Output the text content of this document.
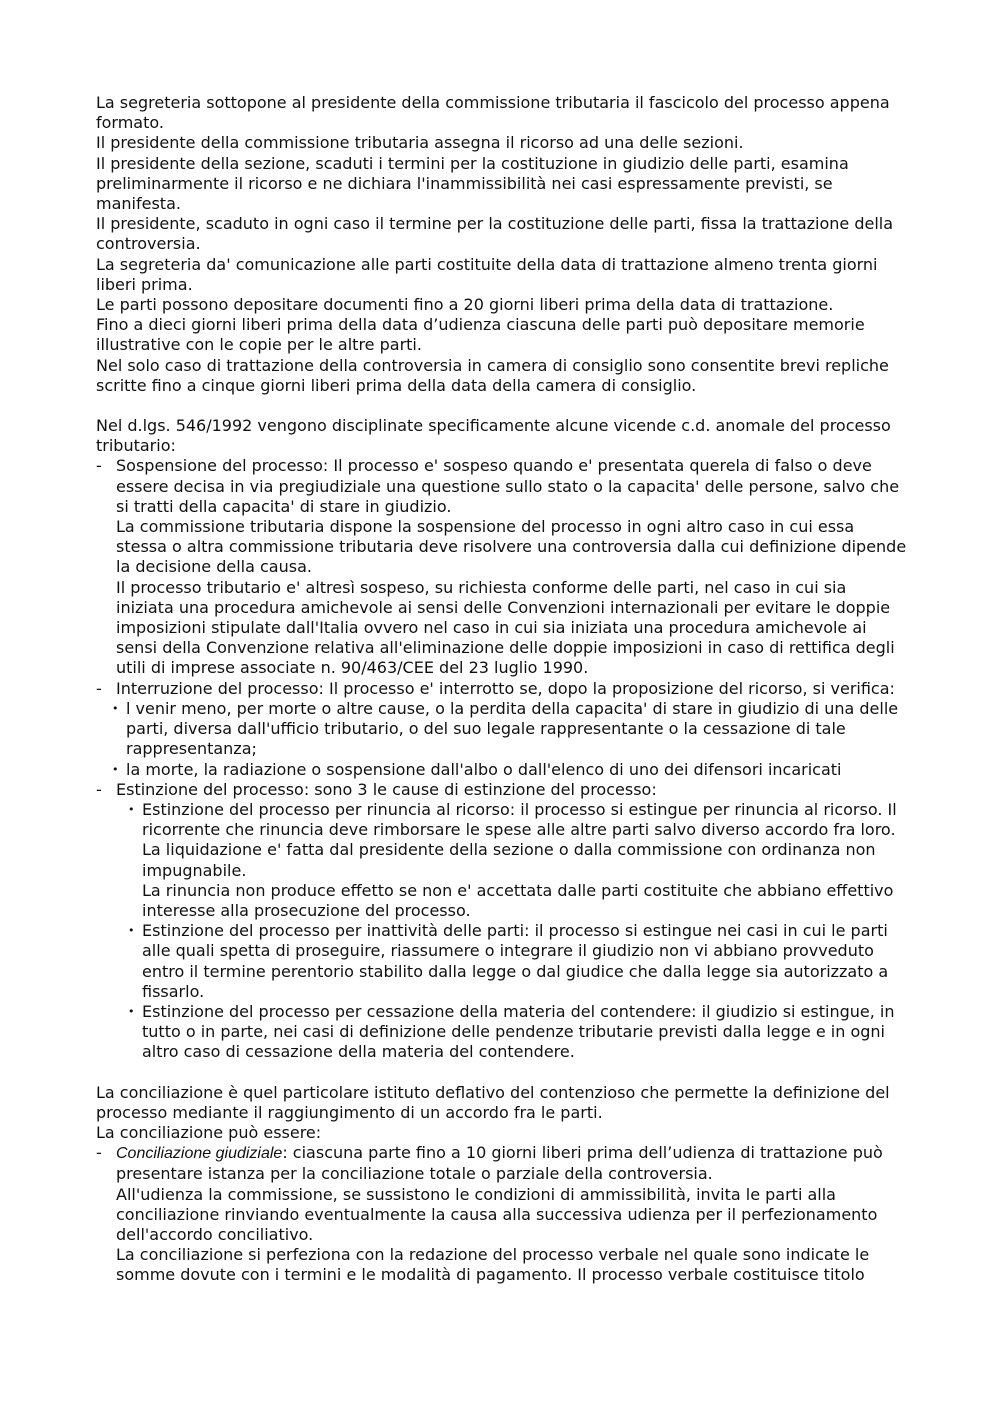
La segreteria sottopone al presidente della commissione tributaria il fascicolo del processo appena formato.

Il presidente della commissione tributaria assegna il ricorso ad una delle sezioni.

Il presidente della sezione, scaduti i termini per la costituzione in giudizio delle parti, esamina preliminarmente il ricorso e ne dichiara l'inammissibilità nei casi espressamente previsti, se manifesta.

Il presidente, scaduto in ogni caso il termine per la costituzione delle parti, fissa la trattazione della controversia.

La segreteria da' comunicazione alle parti costituite della data di trattazione almeno trenta giorni liberi prima.

Le parti possono depositare documenti fino a 20 giorni liberi prima della data di trattazione.

Fino a dieci giorni liberi prima della data d’udienza ciascuna delle parti può depositare memorie illustrative con le copie per le altre parti.

Nel solo caso di trattazione della controversia in camera di consiglio sono consentite brevi repliche scritte fino a cinque giorni liberi prima della data della camera di consiglio.

Nel d.lgs. 546/1992 vengono disciplinate specificamente alcune vicende c.d. anomale del processo tributario:

- Sospensione del processo: Il processo e' sospeso quando e' presentata querela di falso o deve essere decisa in via pregiudiziale una questione sullo stato o la capacita' delle persone, salvo che si tratti della capacita' di stare in giudizio.

La commissione tributaria dispone la sospensione del processo in ogni altro caso in cui essa stessa o altra commissione tributaria deve risolvere una controversia dalla cui definizione dipende la decisione della causa.

Il processo tributario e' altresì sospeso, su richiesta conforme delle parti, nel caso in cui sia iniziata una procedura amichevole ai sensi delle Convenzioni internazionali per evitare le doppie imposizioni stipulate dall'Italia ovvero nel caso in cui sia iniziata una procedura amichevole ai sensi della Convenzione relativa all'eliminazione delle doppie imposizioni in caso di rettifica degli utili di imprese associate n. 90/463/CEE del 23 luglio 1990.

- Interruzione del processo: Il processo e' interrotto se, dopo la proposizione del ricorso, si verifica:

• l venir meno, per morte o altre cause, o la perdita della capacita' di stare in giudizio di una delle parti, diversa dall'ufficio tributario, o del suo legale rappresentante o la cessazione di tale rappresentanza;

• la morte, la radiazione o sospensione dall'albo o dall'elenco di uno dei difensori incaricati

- Estinzione del processo: sono 3 le cause di estinzione del processo:

• Estinzione del processo per rinuncia al ricorso: il processo si estingue per rinuncia al ricorso. Il ricorrente che rinuncia deve rimborsare le spese alle altre parti salvo diverso accordo fra loro. La liquidazione e' fatta dal presidente della sezione o dalla commissione con ordinanza non impugnabile.

La rinuncia non produce effetto se non e' accettata dalle parti costituite che abbiano effettivo interesse alla prosecuzione del processo.

• Estinzione del processo per inattività delle parti: il processo si estingue nei casi in cui le parti alle quali spetta di proseguire, riassumere o integrare il giudizio non vi abbiano provveduto entro il termine perentorio stabilito dalla legge o dal giudice che dalla legge sia autorizzato a fissarlo.

• Estinzione del processo per cessazione della materia del contendere: il giudizio si estingue, in tutto o in parte, nei casi di definizione delle pendenze tributarie previsti dalla legge e in ogni altro caso di cessazione della materia del contendere.

La conciliazione è quel particolare istituto deflativo del contenzioso che permette la definizione del processo mediante il raggiungimento di un accordo fra le parti.

La conciliazione può essere:

- Conciliazione giudiziale: ciascuna parte fino a 10 giorni liberi prima dell’udienza di trattazione può presentare istanza per la conciliazione totale o parziale della controversia.

All'udienza la commissione, se sussistono le condizioni di ammissibilità, invita le parti alla conciliazione rinviando eventualmente la causa alla successiva udienza per il perfezionamento dell'accordo conciliativo.

La conciliazione si perfeziona con la redazione del processo verbale nel quale sono indicate le somme dovute con i termini e le modalità di pagamento. Il processo verbale costituisce titolo
